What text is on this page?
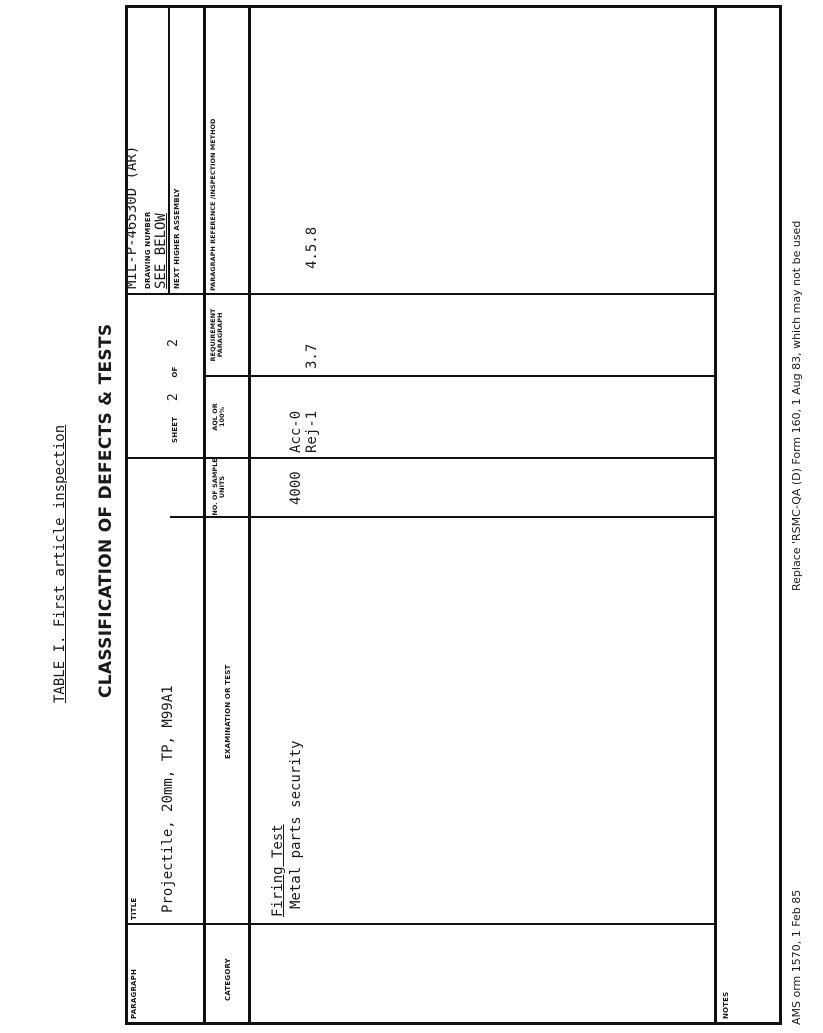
TABLE I. First article inspection CLASSIFICATION OF DEFECTS & TESTS
PARAGRAPH
TITLE Projectile, 20mm, TP, M99A1
SHEET 2 OF 2
MIL-P-46530D (AR) DRAWING NUMBER SEE BELOW NEXT HIGHER ASSEMBLY
CATEGORY
EXAMINATION OR TEST
NO. OF SAMPLE UNITS
AQL OR 100%
REQUIREMENT PARAGRAPH
PARAGRAPH REFERENCE /INSPECTION METHOD
Firing Test Metal parts security
4000
Acc-0 Rej-1
3.7
4.5.8
NOTES	AMS orm 1570, 1 Feb 85
Replace 'RSMC-QA (D) Form 160, 1 Aug 83, which may not be used
